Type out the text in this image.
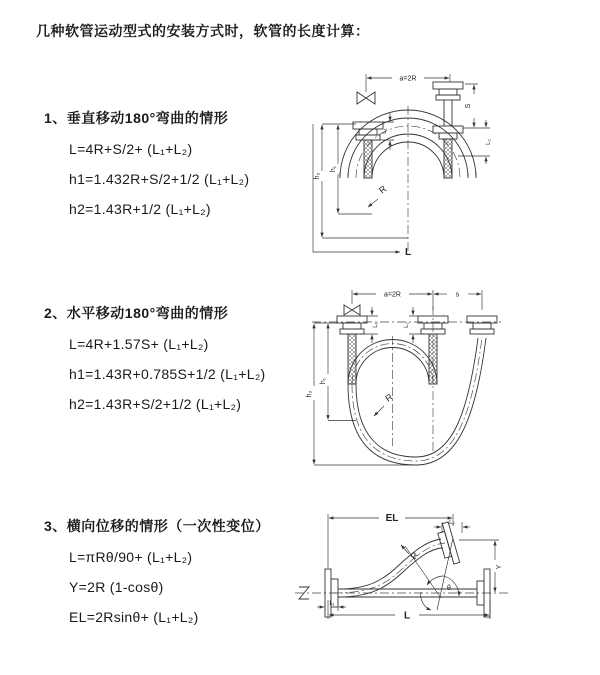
几种软管运动型式的安装方式时，软管的长度计算：
1、垂直移动180°弯曲的情形
L=4R+S/2+ (L₁+L₂)
h1=1.432R+S/2+1/2 (L₁+L₂)
h2=1.43R+1/2 (L₁+L₂)
2、水平移动180°弯曲的情形
L=4R+1.57S+ (L₁+L₂)
h1=1.43R+0.785S+1/2 (L₁+L₂)
h2=1.43R+S/2+1/2 (L₁+L₂)
3、横向位移的情形（一次性变位）
L=πRθ/90+ (L₁+L₂)
Y=2R (1-cosθ)
EL=2Rsinθ+ (L₁+L₂)
a=2R
R
h₁
h₂
L
L₁
S
L₂
a=2R	s
R
h₁
h₂
L₁	L₂
EL	L₂
Y
θ
R
L₁
L
